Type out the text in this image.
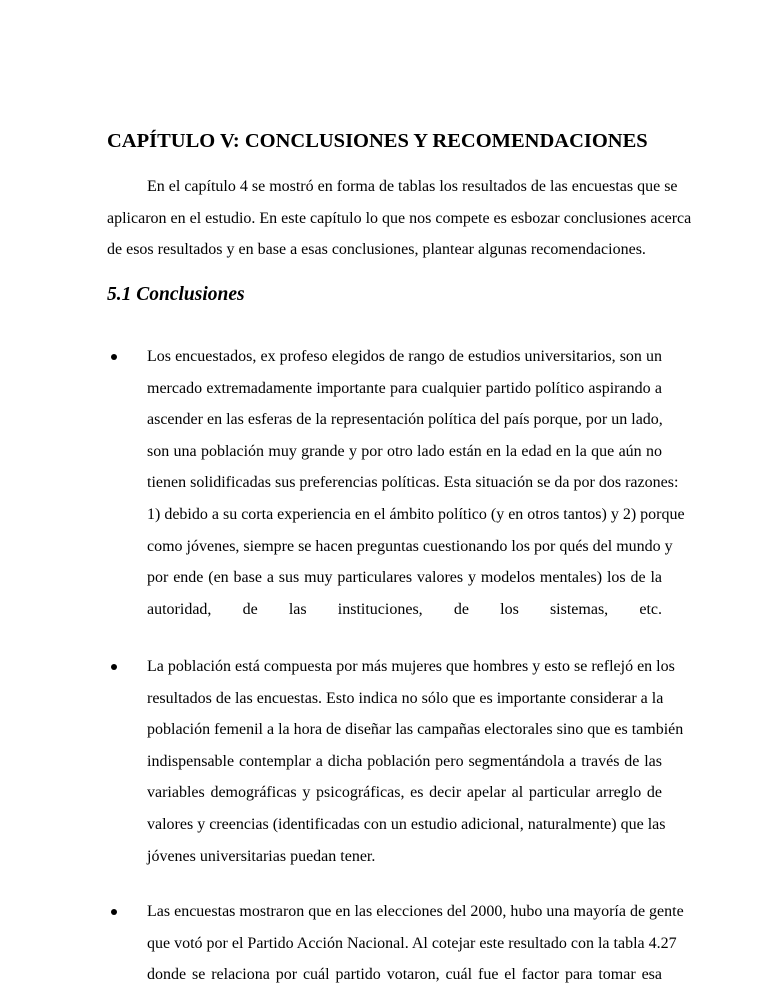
CAPÍTULO V: CONCLUSIONES Y RECOMENDACIONES
En el capítulo 4 se mostró en forma de tablas los resultados de las encuestas que se
aplicaron en el estudio. En este capítulo lo que nos compete es esbozar conclusiones acerca
de esos resultados y en base a esas conclusiones, plantear algunas recomendaciones.
5.1 Conclusiones
Los encuestados, ex profeso elegidos de rango de estudios universitarios, son un
mercado extremadamente importante para cualquier partido político aspirando a
ascender en las esferas de la representación política del país porque, por un lado,
son una población muy grande y por otro lado están en la edad en la que aún no
tienen solidificadas sus preferencias políticas. Esta situación se da por dos razones:
1) debido a su corta experiencia en el ámbito político (y en otros tantos) y 2) porque
como jóvenes, siempre se hacen preguntas cuestionando los por qués del mundo y
por ende (en base a sus muy particulares valores y modelos mentales) los de la
autoridad, de las instituciones, de los sistemas, etc.
La población está compuesta por más mujeres que hombres y esto se reflejó en los
resultados de las encuestas. Esto indica no sólo que es importante considerar a la
población femenil a la hora de diseñar las campañas electorales sino que es también
indispensable contemplar a dicha población pero segmentándola a través de las
variables demográficas y psicográficas, es decir apelar al particular arreglo de
valores y creencias (identificadas con un estudio adicional, naturalmente) que las
jóvenes universitarias puedan tener.
Las encuestas mostraron que en las elecciones del 2000, hubo una mayoría de gente
que votó por el Partido Acción Nacional. Al cotejar este resultado con la tabla 4.27
donde se relaciona por cuál partido votaron, cuál fue el factor para tomar esa
